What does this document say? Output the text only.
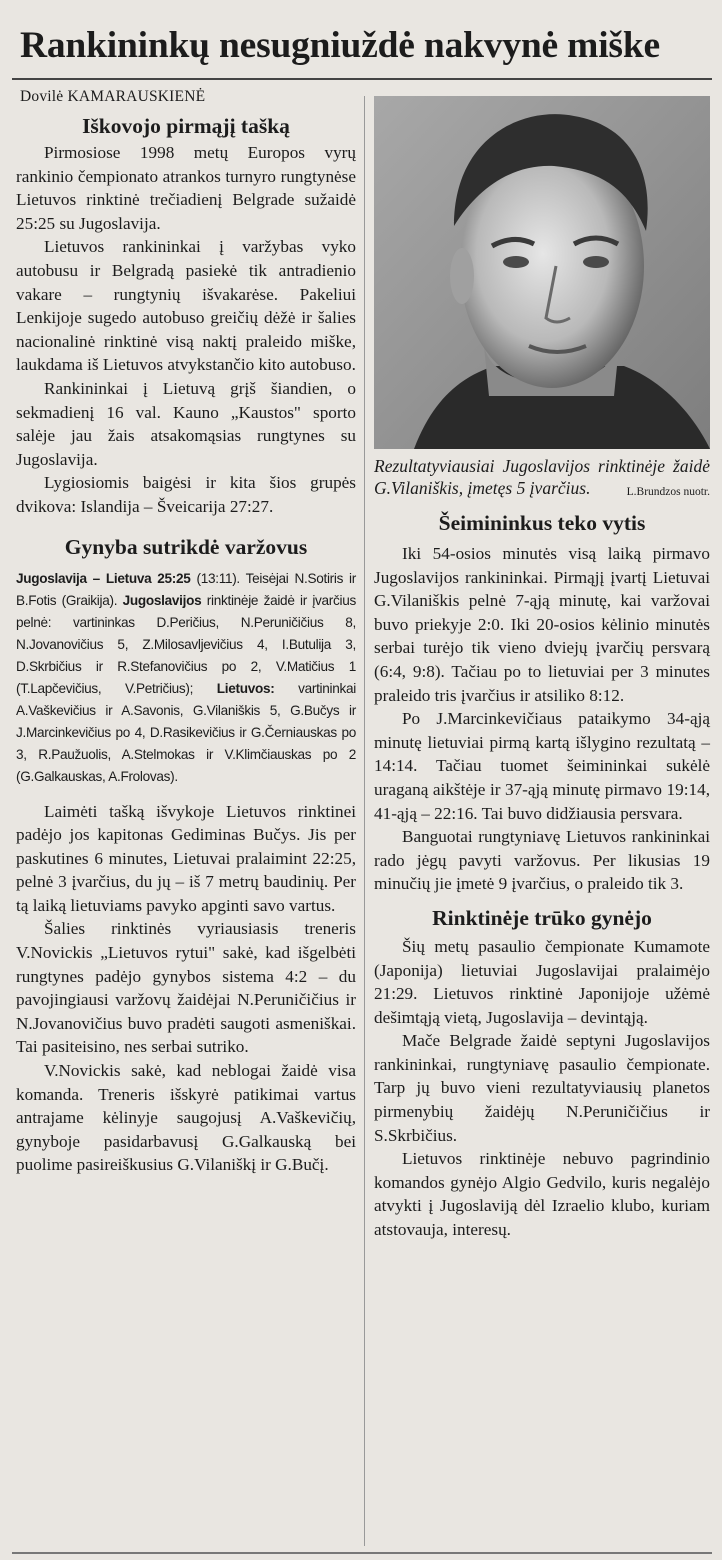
Rankininkų nesugniuždė nakvynė miške
Dovilė KAMARAUSKIENĖ
Iškovojo pirmąjį tašką

Pirmosiose 1998 metų Europos vyrų rankinio čempionato atrankos turnyro rungtynėse Lietuvos rinktinė trečiadienį Belgrade sužaidė 25:25 su Jugoslavija.

Lietuvos rankininkai į varžybas vyko autobusu ir Belgradą pasiekė tik antradienio vakare – rungtynių išvakarėse. Pakeliui Lenkijoje sugedo autobuso greičių dėžė ir šalies nacionalinė rinktinė visą naktį praleido miške, laukdama iš Lietuvos atvykstančio kito autobuso.

Rankininkai į Lietuvą grįš šiandien, o sekmadienį 16 val. Kauno „Kaustos" sporto salėje jau žais atsakomąsias rungtynes su Jugoslavija.

Lygiosiomis baigėsi ir kita šios grupės dvikova: Islandija – Šveicarija 27:27.

Gynyba sutrikdė varžovus

Jugoslavija – Lietuva 25:25 (13:11). Teisėjai N.Sotiris ir B.Fotis (Graikija). Jugoslavijos rinktinėje žaidė ir įvarčius pelnė: vartininkas D.Peričius, N.Peruničičius 8, N.Jovanovičius 5, Z.Milosavljevičius 4, I.Butulija 3, D.Skrbičius ir R.Stefanovičius po 2, V.Matičius 1 (T.Lapčevičius, V.Petričius); Lietuvos: vartininkai A.Vaškevičius ir A.Savonis, G.Vilaniškis 5, G.Bučys ir J.Marcinkevičius po 4, D.Rasikevičius ir G.Černiauskas po 3, R.Paužuolis, A.Stelmokas ir V.Klimčiauskas po 2 (G.Galkauskas, A.Frolovas).

Laimėti tašką išvykoje Lietuvos rinktinei padėjo jos kapitonas Gediminas Bučys. Jis per paskutines 6 minutes, Lietuvai pralaimint 22:25, pelnė 3 įvarčius, du jų – iš 7 metrų baudinių. Per tą laiką lietuviams pavyko apginti savo vartus.

Šalies rinktinės vyriausiasis treneris V.Novickis „Lietuvos rytui" sakė, kad išgelbėti rungtynes padėjo gynybos sistema 4:2 – du pavojingiausi varžovų žaidėjai N.Peruničičius ir N.Jovanovičius buvo pradėti saugoti asmeniškai. Tai pasiteisino, nes serbai sutriko.

V.Novickis sakė, kad neblogai žaidė visa komanda. Treneris išskyrė patikimai vartus antrajame kėlinyje saugojusį A.Vaškevičių, gynyboje pasidarbavusį G.Galkauską bei puolime pasireiškusius G.Vilaniškį ir G.Bučį.

Rezultatyviausiai Jugoslavijos rinktinėje žaidė G.Vilaniškis, įmetęs 5 įvarčius.	L.Brundzos nuotr.

Šeimininkus teko vytis

Iki 54-osios minutės visą laiką pirmavo Jugoslavijos rankininkai. Pirmąjį įvartį Lietuvai G.Vilaniškis pelnė 7-ąją minutę, kai varžovai buvo priekyje 2:0. Iki 20-osios kėlinio minutės serbai turėjo tik vieno dviejų įvarčių persvarą (6:4, 9:8). Tačiau po to lietuviai per 3 minutes praleido tris įvarčius ir atsiliko 8:12.

Po J.Marcinkevičiaus pataikymo 34-ąją minutę lietuviai pirmą kartą išlygino rezultatą – 14:14. Tačiau tuomet šeimininkai sukėlė uraganą aikštėje ir 37-ąją minutę pirmavo 19:14, 41-ąją – 22:16. Tai buvo didžiausia persvara.

Banguotai rungtyniavę Lietuvos rankininkai rado jėgų pavyti varžovus. Per likusias 19 minučių jie įmetė 9 įvarčius, o praleido tik 3.

Rinktinėje trūko gynėjo

Šių metų pasaulio čempionate Kumamote (Japonija) lietuviai Jugoslavijai pralaimėjo 21:29. Lietuvos rinktinė Japonijoje užėmė dešimtąją vietą, Jugoslavija – devintąją.

Mače Belgrade žaidė septyni Jugoslavijos rankininkai, rungtyniavę pasaulio čempionate. Tarp jų buvo vieni rezultatyviausių planetos pirmenybių žaidėjų N.Peruničičius ir S.Skrbičius.

Lietuvos rinktinėje nebuvo pagrindinio komandos gynėjo Algio Gedvilo, kuris negalėjo atvykti į Jugoslaviją dėl Izraelio klubo, kuriam atstovauja, interesų.
